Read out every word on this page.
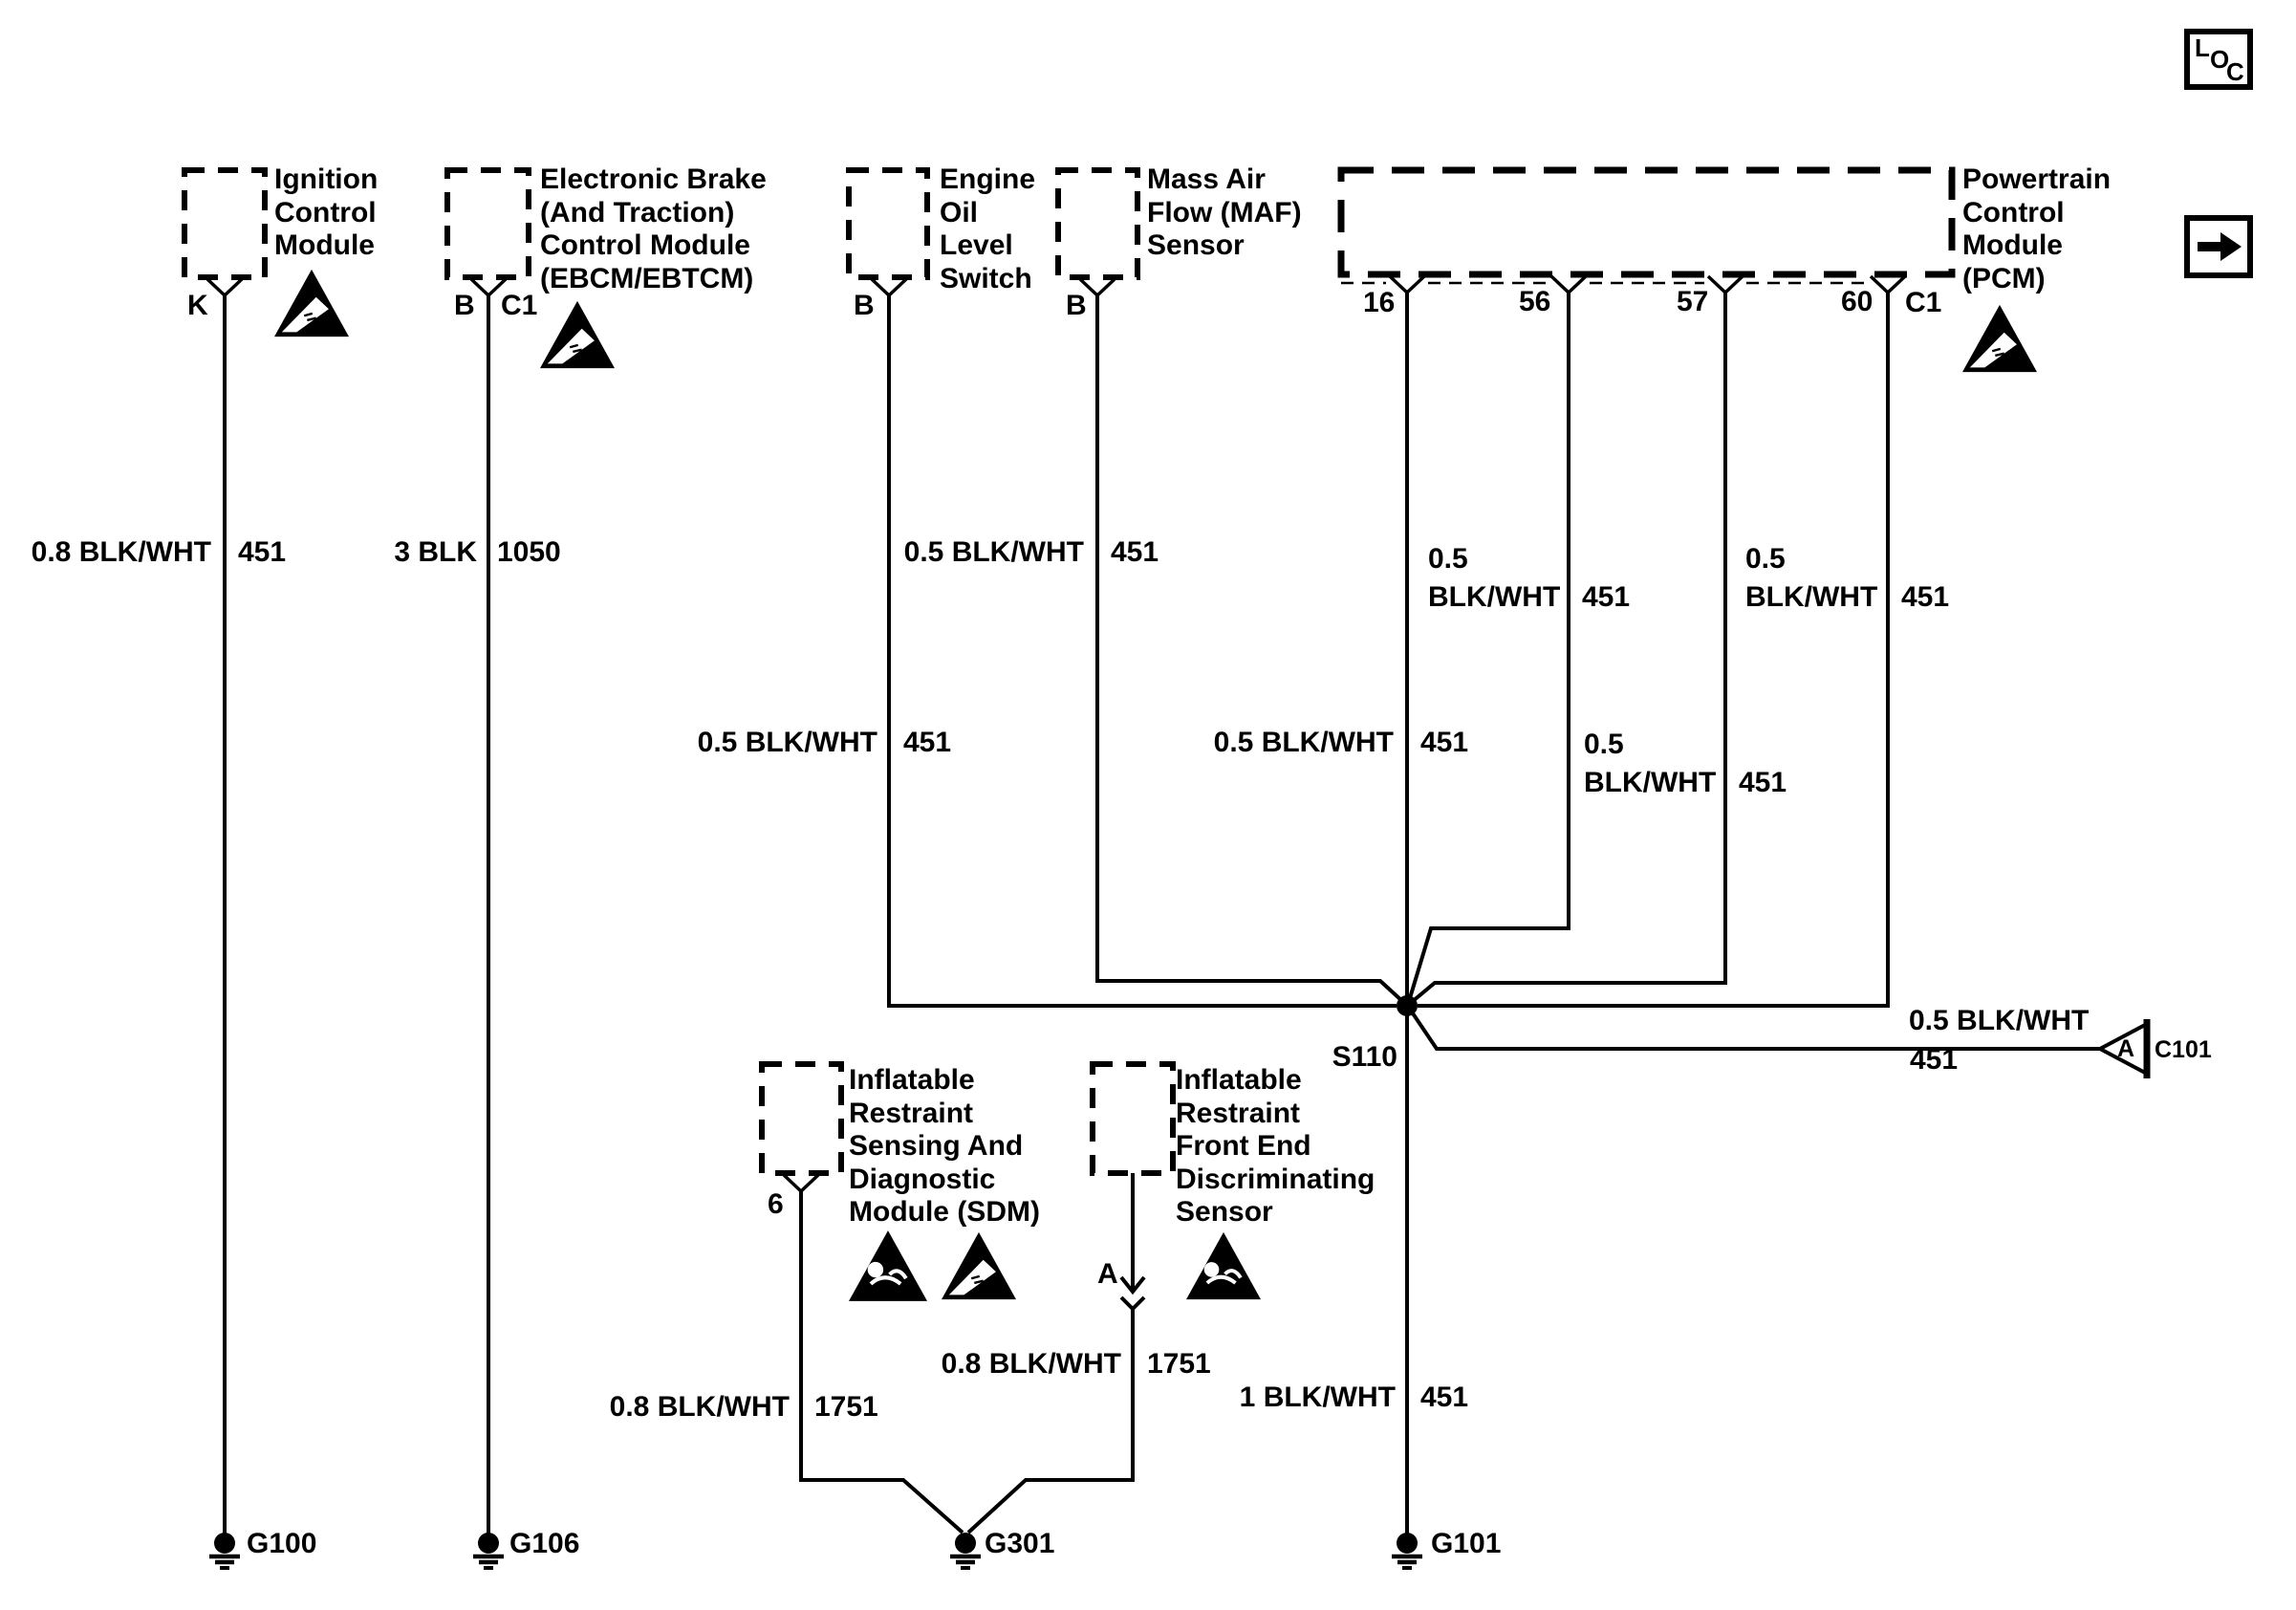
L O
C
Ignition
Control
Module
Electronic Brake
(And Traction)
Control Module
(EBCM/EBTCM)
Engine
Oil
Level
Switch
Mass Air
Flow (MAF)
Sensor
Powertrain
Control
Module
(PCM)
Inflatable
Restraint
Sensing And
Diagnostic
Module (SDM)
Inflatable
Restraint
Front End
Discriminating
Sensor
K	B C1	B	B	16	56	57	60 C1
6
A
0.8 BLK/WHT 451	3 BLK 1050	0.5 BLK/WHT 451	0.5
BLK/WHT 451
0.5
BLK/WHT 451
0.5 BLK/WHT 451	0.5 BLK/WHT 451	0.5
BLK/WHT 451
S110
0.5 BLK/WHT
451	A C101
0.8 BLK/WHT 1751
0.8 BLK/WHT 1751	1 BLK/WHT 451
G100	G106	G301	G101
